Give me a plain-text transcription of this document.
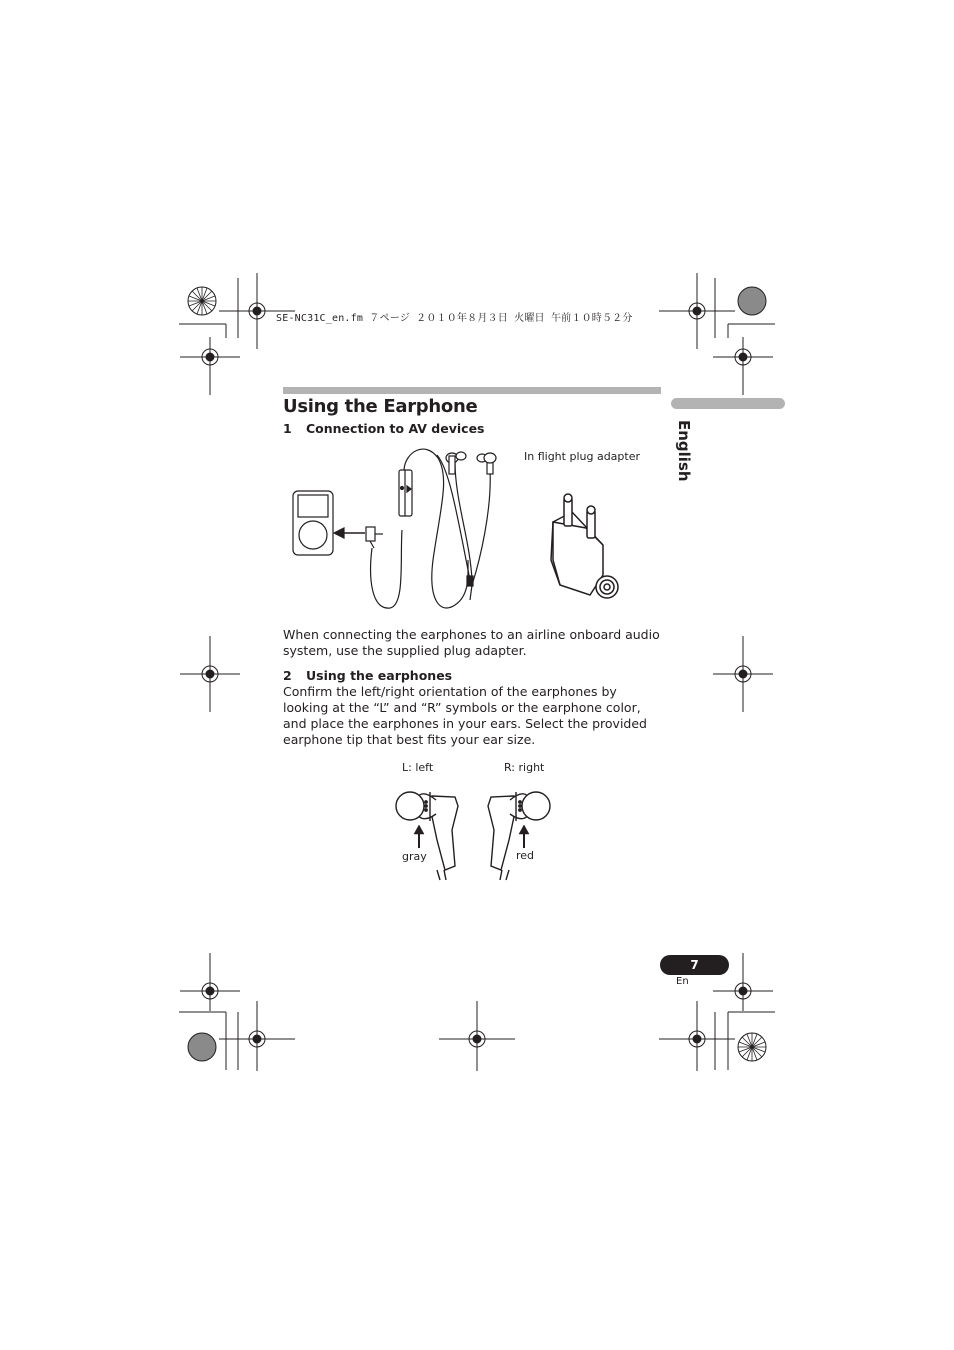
SE-NC31C_en.fm ７ページ ２０１０年８月３日 火曜日 午前１０時５２分
Using the Earphone
English
1 Connection to AV devices
In flight plug adapter
When connecting the earphones to an airline onboard audio system, use the supplied plug adapter.
2 Using the earphones
Confirm the left/right orientation of the earphones by looking at the “L” and “R” symbols or the earphone color, and place the earphones in your ears. Select the provided earphone tip that best fits your ear size.
L: left	R: right
gray	red
7
En
